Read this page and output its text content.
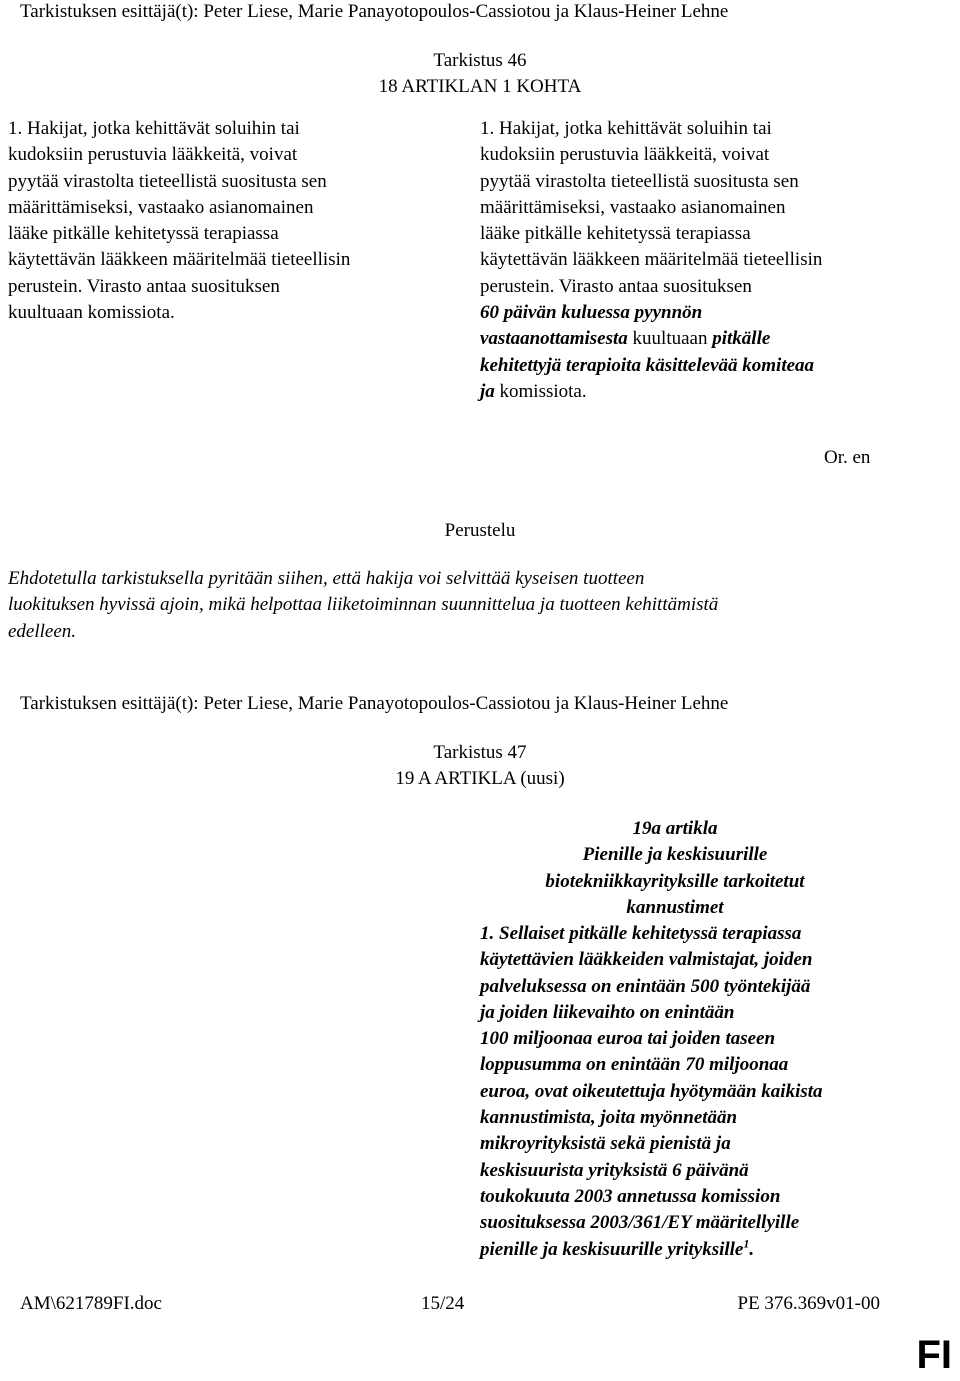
Tarkistuksen esittäjä(t): Peter Liese, Marie Panayotopoulos-Cassiotou ja Klaus-Heiner Lehne
Tarkistus 46
18 ARTIKLAN 1 KOHTA
1. Hakijat, jotka kehittävät soluihin tai
kudoksiin perustuvia lääkkeitä, voivat
pyytää virastolta tieteellistä suositusta sen
määrittämiseksi, vastaako asianomainen
lääke pitkälle kehitetyssä terapiassa
käytettävän lääkkeen määritelmää tieteellisin
perustein. Virasto antaa suosituksen
kuultuaan komissiota.
1. Hakijat, jotka kehittävät soluihin tai
kudoksiin perustuvia lääkkeitä, voivat
pyytää virastolta tieteellistä suositusta sen
määrittämiseksi, vastaako asianomainen
lääke pitkälle kehitetyssä terapiassa
käytettävän lääkkeen määritelmää tieteellisin
perustein. Virasto antaa suosituksen
60 päivän kuluessa pyynnön
vastaanottamisesta kuultuaan pitkälle
kehitettyjä terapioita käsittelevää komiteaa
ja komissiota.
Or. en
Perustelu
Ehdotetulla tarkistuksella pyritään siihen, että hakija voi selvittää kyseisen tuotteen
luokituksen hyvissä ajoin, mikä helpottaa liiketoiminnan suunnittelua ja tuotteen kehittämistä
edelleen.
Tarkistuksen esittäjä(t): Peter Liese, Marie Panayotopoulos-Cassiotou ja Klaus-Heiner Lehne
Tarkistus 47
19 A ARTIKLA (uusi)
19a artikla
Pienille ja keskisuurille
biotekniikkayrityksille tarkoitetut
kannustimet
1. Sellaiset pitkälle kehitetyssä terapiassa
käytettävien lääkkeiden valmistajat, joiden
palveluksessa on enintään 500 työntekijää
ja joiden liikevaihto on enintään
100 miljoonaa euroa tai joiden taseen
loppusumma on enintään 70 miljoonaa
euroa, ovat oikeutettuja hyötymään kaikista
kannustimista, joita myönnetään
mikroyrityksistä sekä pienistä ja
keskisuurista yrityksistä 6 päivänä
toukokuuta 2003 annetussa komission
suosituksessa 2003/361/EY määritellyille
pienille ja keskisuurille yrityksille$^1$.
AM\621789FI.doc	15/24	PE 376.369v01-00
FI
